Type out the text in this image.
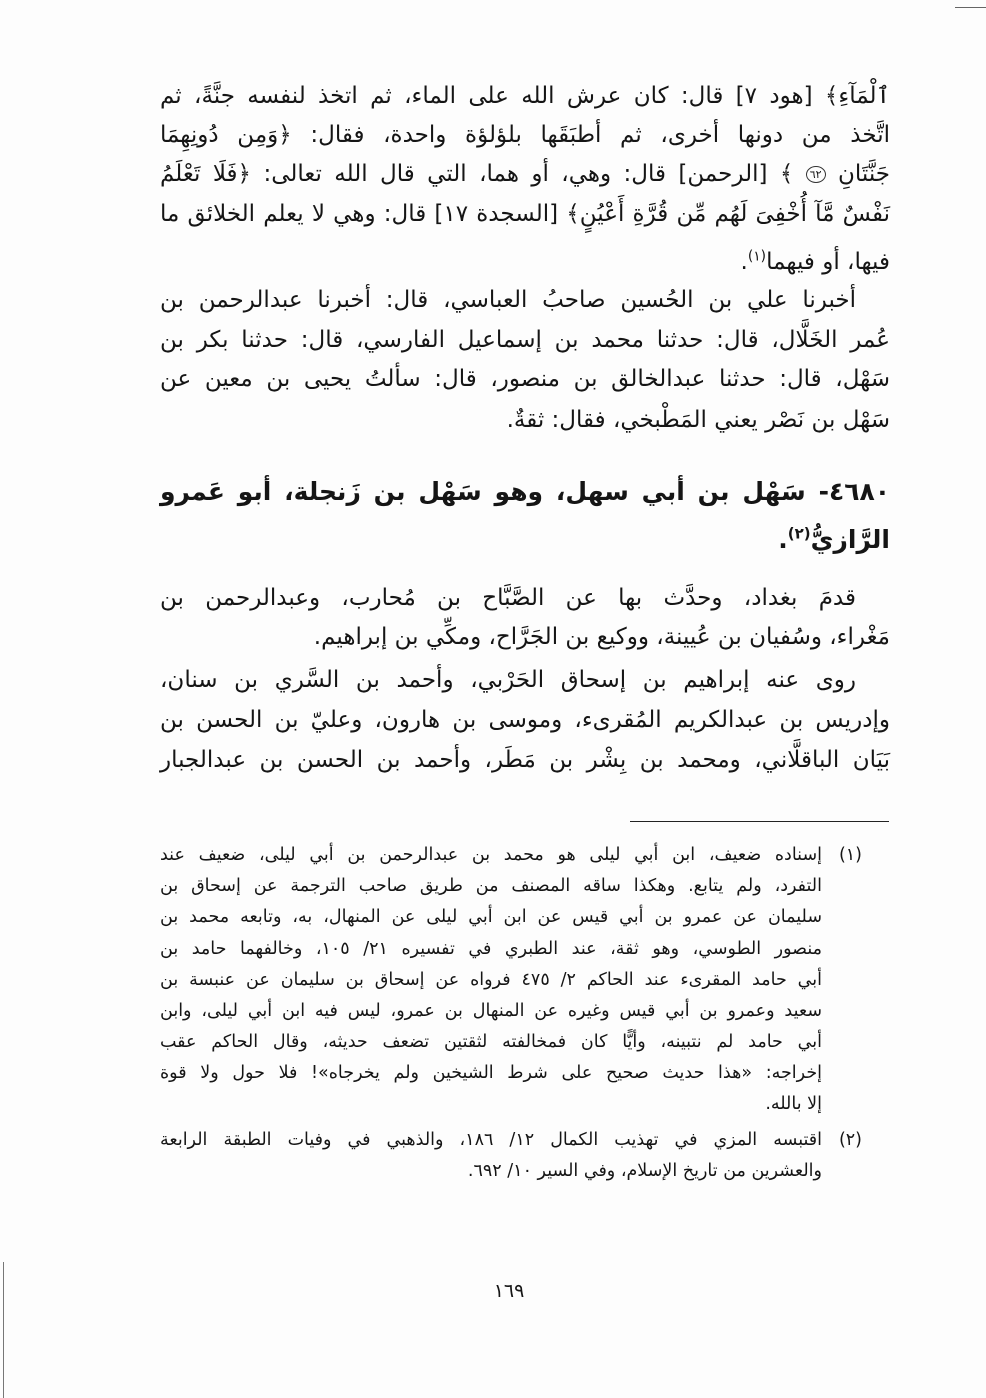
ٱلْمَآءِ﴾ [هود ٧] قال: كان عرش الله على الماء، ثم اتخذ لنفسه جنَّةً، ثم
اتَّخذ من دونها أخرى، ثم أطبَقَها بلؤلؤة واحدة، فقال: ﴿وَمِن دُونِهِمَا
جَنَّتَانِ ٦٢ ﴾ [الرحمن] قال: وهي، أو هما، التي قال الله تعالى: ﴿فَلَا تَعْلَمُ
نَفْسٌ مَّآ أُخْفِىَ لَهُم مِّن قُرَّةِ أَعْيُنٍ﴾ [السجدة ١٧] قال: وهي لا يعلم الخلائق ما
فيها، أو فيهما$^{(١)}$.
أخبرنا علي بن الحُسين صاحبُ العباسي، قال: أخبرنا عبدالرحمن بن
عُمر الخَلَّال، قال: حدثنا محمد بن إسماعيل الفارسي، قال: حدثنا بكر بن
سَهْل، قال: حدثنا عبدالخالق بن منصور، قال: سألتُ يحيى بن معين عن
سَهْل بن نَصْر يعني المَطْبخي، فقال: ثقةٌ.
٤٦٨٠- سَهْل بن أبي سهل، وهو سَهْل بن زَنجلة، أبو عَمرو
الرَّازيُّ$^{(٢)}$.
قدمَ بغداد، وحدَّث بها عن الصَّبَّاح بن مُحارب، وعبدالرحمن بن
مَغْراء، وسُفيان بن عُيينة، ووكيع بن الجَرَّاح، ومكِّي بن إبراهيم.
روى عنه إبراهيم بن إسحاق الحَرْبي، وأحمد بن السَّري بن سنان،
وإدريس بن عبدالكريم المُقرىء، وموسى بن هارون، وعليّ بن الحسن بن
بَيَان الباقلَّاني، ومحمد بن بِشْر بن مَطَر، وأحمد بن الحسن بن عبدالجبار
(١)
إسناده ضعيف، ابن أبي ليلى هو محمد بن عبدالرحمن بن أبي ليلى، ضعيف عند
التفرد، ولم يتابع. وهكذا ساقه المصنف من طريق صاحب الترجمة عن إسحاق بن
سليمان عن عمرو بن أبي قيس عن ابن أبي ليلى عن المنهال، به، وتابعه محمد بن
منصور الطوسي، وهو ثقة، عند الطبري في تفسيره ٢١/ ١٠٥، وخالفهما حامد بن
أبي حامد المقرىء عند الحاكم ٢/ ٤٧٥ فرواه عن إسحاق بن سليمان عن عنبسة بن
سعيد وعمرو بن أبي قيس وغيره عن المنهال بن عمرو، ليس فيه ابن أبي ليلى، وابن
أبي حامد لم نتبينه، وأيًّا كان فمخالفته لثقتين تضعف حديثه، وقال الحاكم عقب
إخراجه: «هذا حديث صحيح على شرط الشيخين ولم يخرجاه»! فلا حول ولا قوة
إلا بالله.
(٢)
اقتبسه المزي في تهذيب الكمال ١٢/ ١٨٦، والذهبي في وفيات الطبقة الرابعة
والعشرين من تاريخ الإسلام، وفي السير ١٠/ ٦٩٢.
١٦٩
